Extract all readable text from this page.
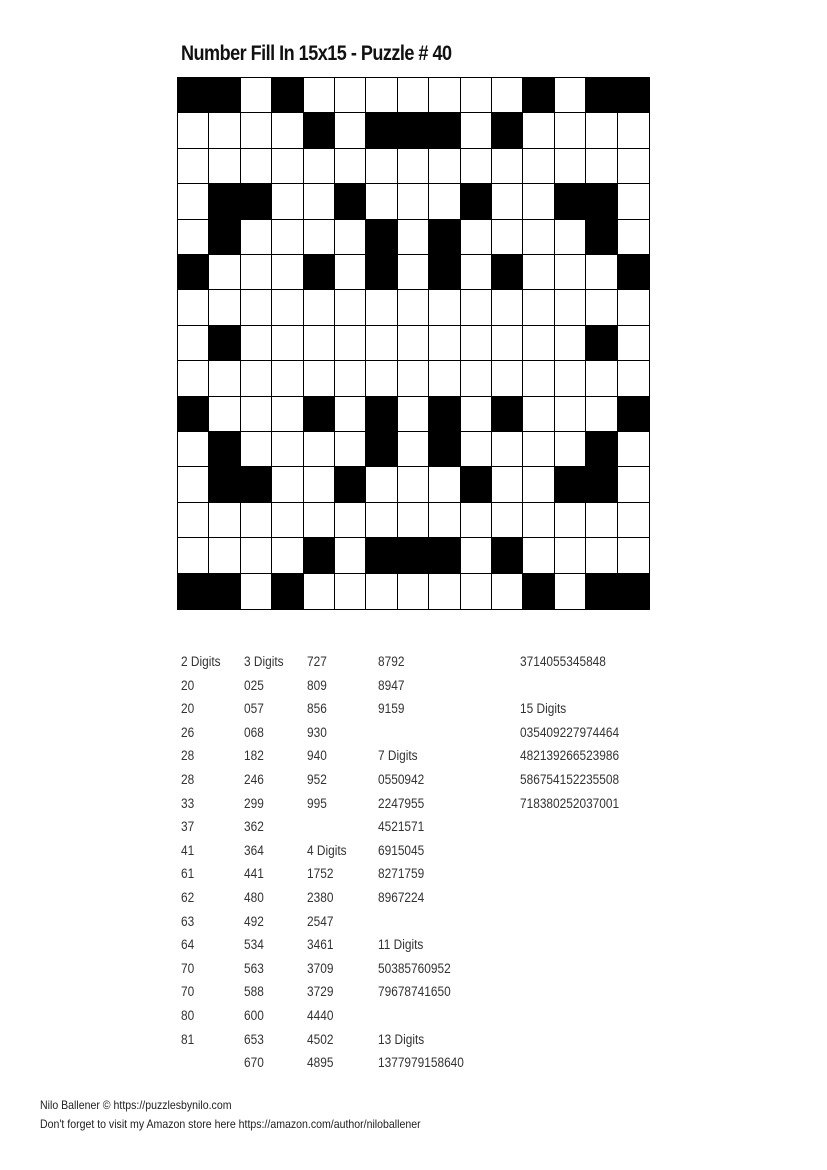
Number Fill In 15x15 - Puzzle # 40
2 Digits
20
20
26
28
28
33
37
41
61
62
63
64
70
70
80
81
3 Digits
025
057
068
182
246
299
362
364
441
480
492
534
563
588
600
653
670
727
809
856
930
940
952
995
4 Digits
1752
2380
2547
3461
3709
3729
4440
4502
4895
8792
8947
9159
7 Digits
0550942
2247955
4521571
6915045
8271759
8967224
11 Digits
50385760952
79678741650
13 Digits
1377979158640
3714055345848
15 Digits
035409227974464
482139266523986
586754152235508
718380252037001
Nilo Ballener © https://puzzlesbynilo.com
Don't forget to visit my Amazon store here https://amazon.com/author/niloballener
